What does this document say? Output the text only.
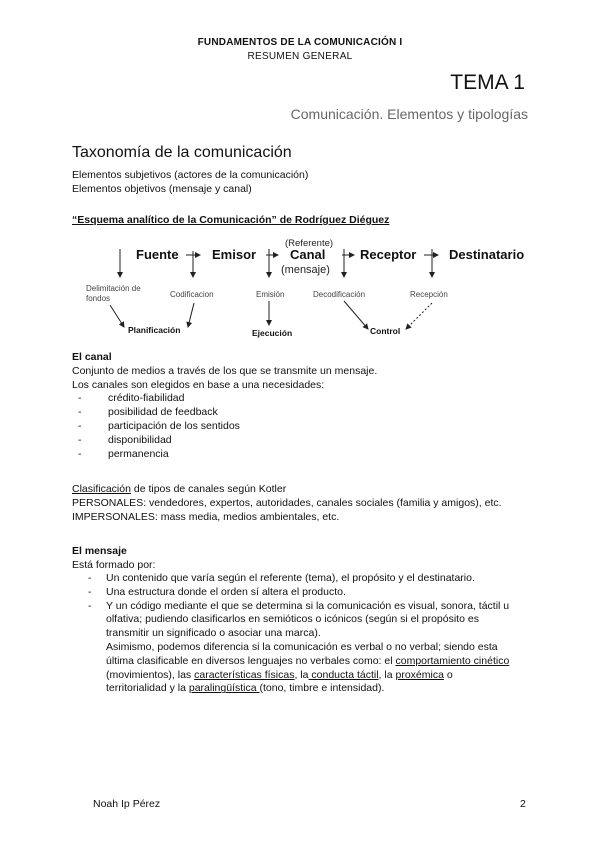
FUNDAMENTOS DE LA COMUNICACIÓN I
RESUMEN GENERAL
TEMA 1
Comunicación. Elementos y tipologías
Taxonomía de la comunicación
Elementos subjetivos (actores de la comunicación)
Elementos objetivos (mensaje y canal)
“Esquema analítico de la Comunicación” de Rodríguez Diéguez
Fuente	Emisor
(Referente)
Canal
(mensaje)
Receptor	Destinatario
Delimitación de
fondos	Codificacion	Emisión	Decodificación	Recepción
Planificación	Ejecución	Control
El canal
Conjunto de medios a través de los que se transmite un mensaje.
Los canales son elegidos en base a una necesidades:
-	crédito-fiabilidad
-	posibilidad de feedback
-	participación de los sentidos
-	disponibilidad
-	permanencia
Clasificación de tipos de canales según Kotler
PERSONALES: vendedores, expertos, autoridades, canales sociales (familia y amigos), etc.
IMPERSONALES: mass media, medios ambientales, etc.
El mensaje
Está formado por:
- Un contenido que varía según el referente (tema), el propósito y el destinatario.
- Una estructura donde el orden sí altera el producto.
- Y un código mediante el que se determina si la comunicación es visual, sonora, táctil u olfativa; pudiendo clasificarlos en semióticos o icónicos (según si el propósito es transmitir un significado o asociar una marca).
Asimismo, podemos diferencia si la comunicación es verbal o no verbal; siendo esta última clasificable en diversos lenguajes no verbales como: el comportamiento cinético (movimientos), las características físicas, la conducta táctil, la proxémica o territorialidad y la paralingüística (tono, timbre e intensidad).
Noah Ip Pérez	2
